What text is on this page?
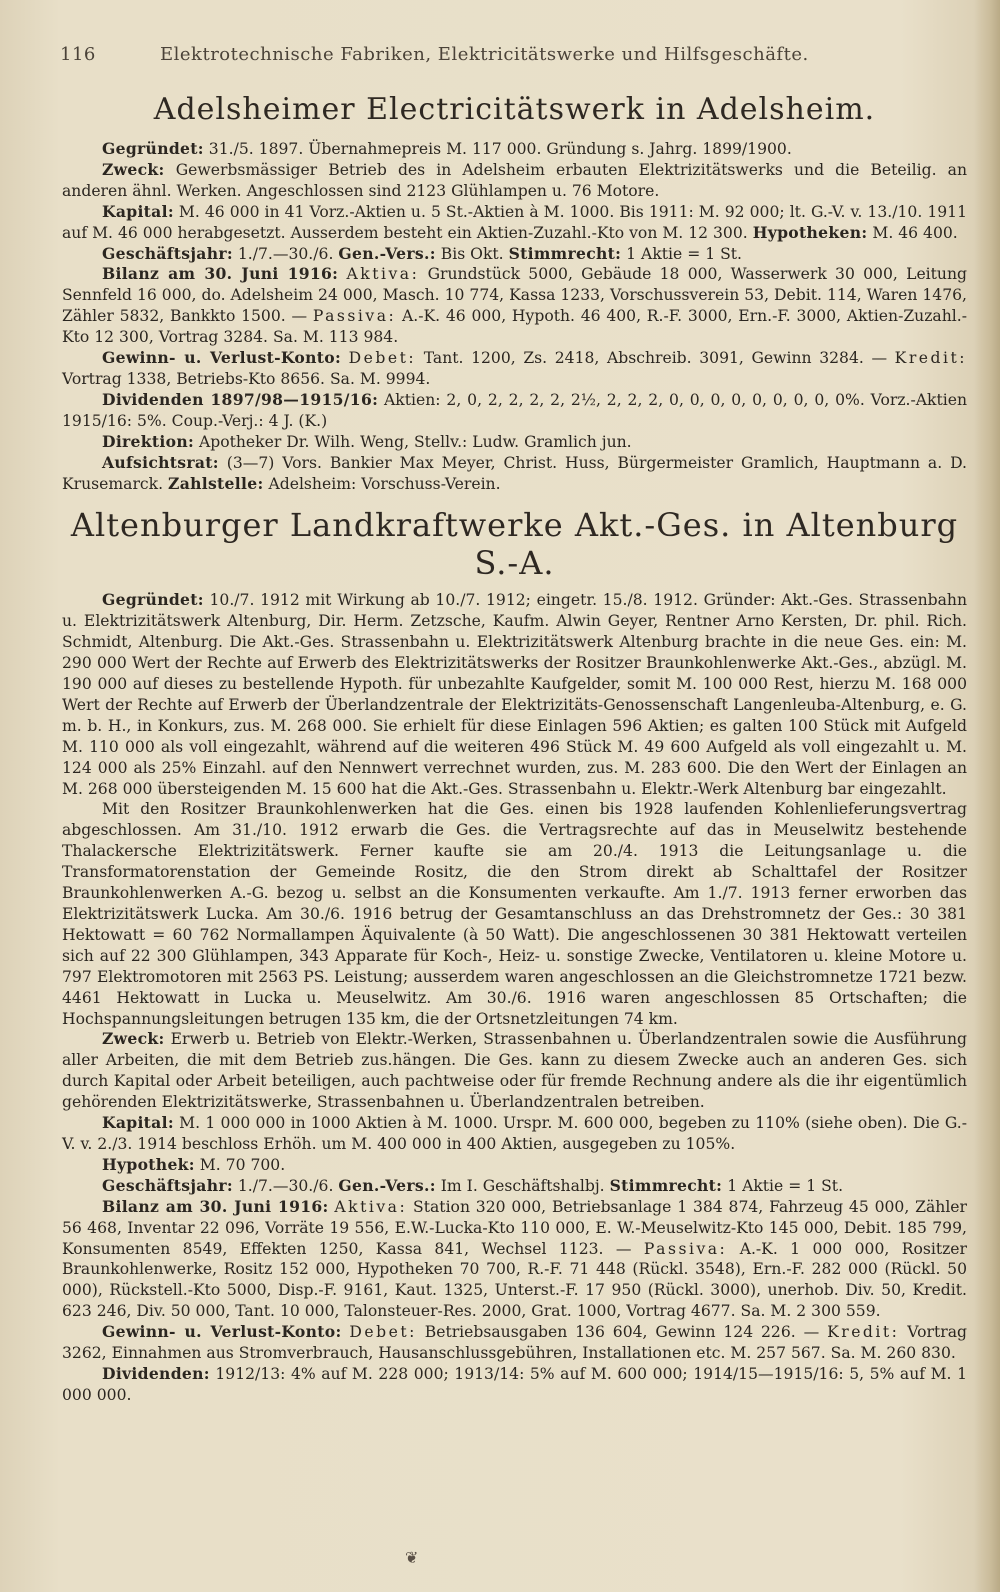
116	Elektrotechnische Fabriken, Elektricitätswerke und Hilfsgeschäfte.
Adelsheimer Electricitätswerk in Adelsheim.

Gegründet: 31./5. 1897. Übernahmepreis M. 117 000. Gründung s. Jahrg. 1899/1900.

Zweck: Gewerbsmässiger Betrieb des in Adelsheim erbauten Elektrizitätswerks und die Beteilig. an anderen ähnl. Werken. Angeschlossen sind 2123 Glühlampen u. 76 Motore.

Kapital: M. 46 000 in 41 Vorz.-Aktien u. 5 St.-Aktien à M. 1000. Bis 1911: M. 92 000; lt. G.-V. v. 13./10. 1911 auf M. 46 000 herabgesetzt. Ausserdem besteht ein Aktien-Zuzahl.-Kto von M. 12 300. Hypotheken: M. 46 400.

Geschäftsjahr: 1./7.—30./6. Gen.-Vers.: Bis Okt. Stimmrecht: 1 Aktie = 1 St.

Bilanz am 30. Juni 1916: Aktiva: Grundstück 5000, Gebäude 18 000, Wasserwerk 30 000, Leitung Sennfeld 16 000, do. Adelsheim 24 000, Masch. 10 774, Kassa 1233, Vorschussverein 53, Debit. 114, Waren 1476, Zähler 5832, Bankkto 1500. — Passiva: A.-K. 46 000, Hypoth. 46 400, R.-F. 3000, Ern.-F. 3000, Aktien-Zuzahl.-Kto 12 300, Vortrag 3284. Sa. M. 113 984.

Gewinn- u. Verlust-Konto: Debet: Tant. 1200, Zs. 2418, Abschreib. 3091, Gewinn 3284. — Kredit: Vortrag 1338, Betriebs-Kto 8656. Sa. M. 9994.

Dividenden 1897/98—1915/16: Aktien: 2, 0, 2, 2, 2, 2, 2½, 2, 2, 2, 0, 0, 0, 0, 0, 0, 0, 0, 0%. Vorz.-Aktien 1915/16: 5%. Coup.-Verj.: 4 J. (K.)

Direktion: Apotheker Dr. Wilh. Weng, Stellv.: Ludw. Gramlich jun.

Aufsichtsrat: (3—7) Vors. Bankier Max Meyer, Christ. Huss, Bürgermeister Gramlich, Hauptmann a. D. Krusemarck. Zahlstelle: Adelsheim: Vorschuss-Verein.

Altenburger Landkraftwerke Akt.-Ges. in Altenburg S.-A.

Gegründet: 10./7. 1912 mit Wirkung ab 10./7. 1912; eingetr. 15./8. 1912. Gründer: Akt.-Ges. Strassenbahn u. Elektrizitätswerk Altenburg, Dir. Herm. Zetzsche, Kaufm. Alwin Geyer, Rentner Arno Kersten, Dr. phil. Rich. Schmidt, Altenburg. Die Akt.-Ges. Strassenbahn u. Elektrizitätswerk Altenburg brachte in die neue Ges. ein: M. 290 000 Wert der Rechte auf Erwerb des Elektrizitätswerks der Rositzer Braunkohlenwerke Akt.-Ges., abzügl. M. 190 000 auf dieses zu bestellende Hypoth. für unbezahlte Kaufgelder, somit M. 100 000 Rest, hierzu M. 168 000 Wert der Rechte auf Erwerb der Überlandzentrale der Elektrizitäts-Genossenschaft Langenleuba-Altenburg, e. G. m. b. H., in Konkurs, zus. M. 268 000. Sie erhielt für diese Einlagen 596 Aktien; es galten 100 Stück mit Aufgeld M. 110 000 als voll eingezahlt, während auf die weiteren 496 Stück M. 49 600 Aufgeld als voll eingezahlt u. M. 124 000 als 25% Einzahl. auf den Nennwert verrechnet wurden, zus. M. 283 600. Die den Wert der Einlagen an M. 268 000 übersteigenden M. 15 600 hat die Akt.-Ges. Strassenbahn u. Elektr.-Werk Altenburg bar eingezahlt.

Mit den Rositzer Braunkohlenwerken hat die Ges. einen bis 1928 laufenden Kohlenlieferungsvertrag abgeschlossen. Am 31./10. 1912 erwarb die Ges. die Vertragsrechte auf das in Meuselwitz bestehende Thalackersche Elektrizitätswerk. Ferner kaufte sie am 20./4. 1913 die Leitungsanlage u. die Transformatorenstation der Gemeinde Rositz, die den Strom direkt ab Schalttafel der Rositzer Braunkohlenwerken A.-G. bezog u. selbst an die Konsumenten verkaufte. Am 1./7. 1913 ferner erworben das Elektrizitätswerk Lucka. Am 30./6. 1916 betrug der Gesamtanschluss an das Drehstromnetz der Ges.: 30 381 Hektowatt = 60 762 Normallampen Äquivalente (à 50 Watt). Die angeschlossenen 30 381 Hektowatt verteilen sich auf 22 300 Glühlampen, 343 Apparate für Koch-, Heiz- u. sonstige Zwecke, Ventilatoren u. kleine Motore u. 797 Elektromotoren mit 2563 PS. Leistung; ausserdem waren angeschlossen an die Gleichstromnetze 1721 bezw. 4461 Hektowatt in Lucka u. Meuselwitz. Am 30./6. 1916 waren angeschlossen 85 Ortschaften; die Hochspannungsleitungen betrugen 135 km, die der Ortsnetzleitungen 74 km.

Zweck: Erwerb u. Betrieb von Elektr.-Werken, Strassenbahnen u. Überlandzentralen sowie die Ausführung aller Arbeiten, die mit dem Betrieb zus.hängen. Die Ges. kann zu diesem Zwecke auch an anderen Ges. sich durch Kapital oder Arbeit beteiligen, auch pachtweise oder für fremde Rechnung andere als die ihr eigentümlich gehörenden Elektrizitätswerke, Strassenbahnen u. Überlandzentralen betreiben.

Kapital: M. 1 000 000 in 1000 Aktien à M. 1000. Urspr. M. 600 000, begeben zu 110% (siehe oben). Die G.-V. v. 2./3. 1914 beschloss Erhöh. um M. 400 000 in 400 Aktien, ausgegeben zu 105%.

Hypothek: M. 70 700.

Geschäftsjahr: 1./7.—30./6. Gen.-Vers.: Im I. Geschäftshalbj. Stimmrecht: 1 Aktie = 1 St.

Bilanz am 30. Juni 1916: Aktiva: Station 320 000, Betriebsanlage 1 384 874, Fahrzeug 45 000, Zähler 56 468, Inventar 22 096, Vorräte 19 556, E.W.-Lucka-Kto 110 000, E. W.-Meuselwitz-Kto 145 000, Debit. 185 799, Konsumenten 8549, Effekten 1250, Kassa 841, Wechsel 1123. — Passiva: A.-K. 1 000 000, Rositzer Braunkohlenwerke, Rositz 152 000, Hypotheken 70 700, R.-F. 71 448 (Rückl. 3548), Ern.-F. 282 000 (Rückl. 50 000), Rückstell.-Kto 5000, Disp.-F. 9161, Kaut. 1325, Unterst.-F. 17 950 (Rückl. 3000), unerhob. Div. 50, Kredit. 623 246, Div. 50 000, Tant. 10 000, Talonsteuer-Res. 2000, Grat. 1000, Vortrag 4677. Sa. M. 2 300 559.

Gewinn- u. Verlust-Konto: Debet: Betriebsausgaben 136 604, Gewinn 124 226. — Kredit: Vortrag 3262, Einnahmen aus Stromverbrauch, Hausanschlussgebühren, Installationen etc. M. 257 567. Sa. M. 260 830.

Dividenden: 1912/13: 4% auf M. 228 000; 1913/14: 5% auf M. 600 000; 1914/15—1915/16: 5, 5% auf M. 1 000 000.

❦
